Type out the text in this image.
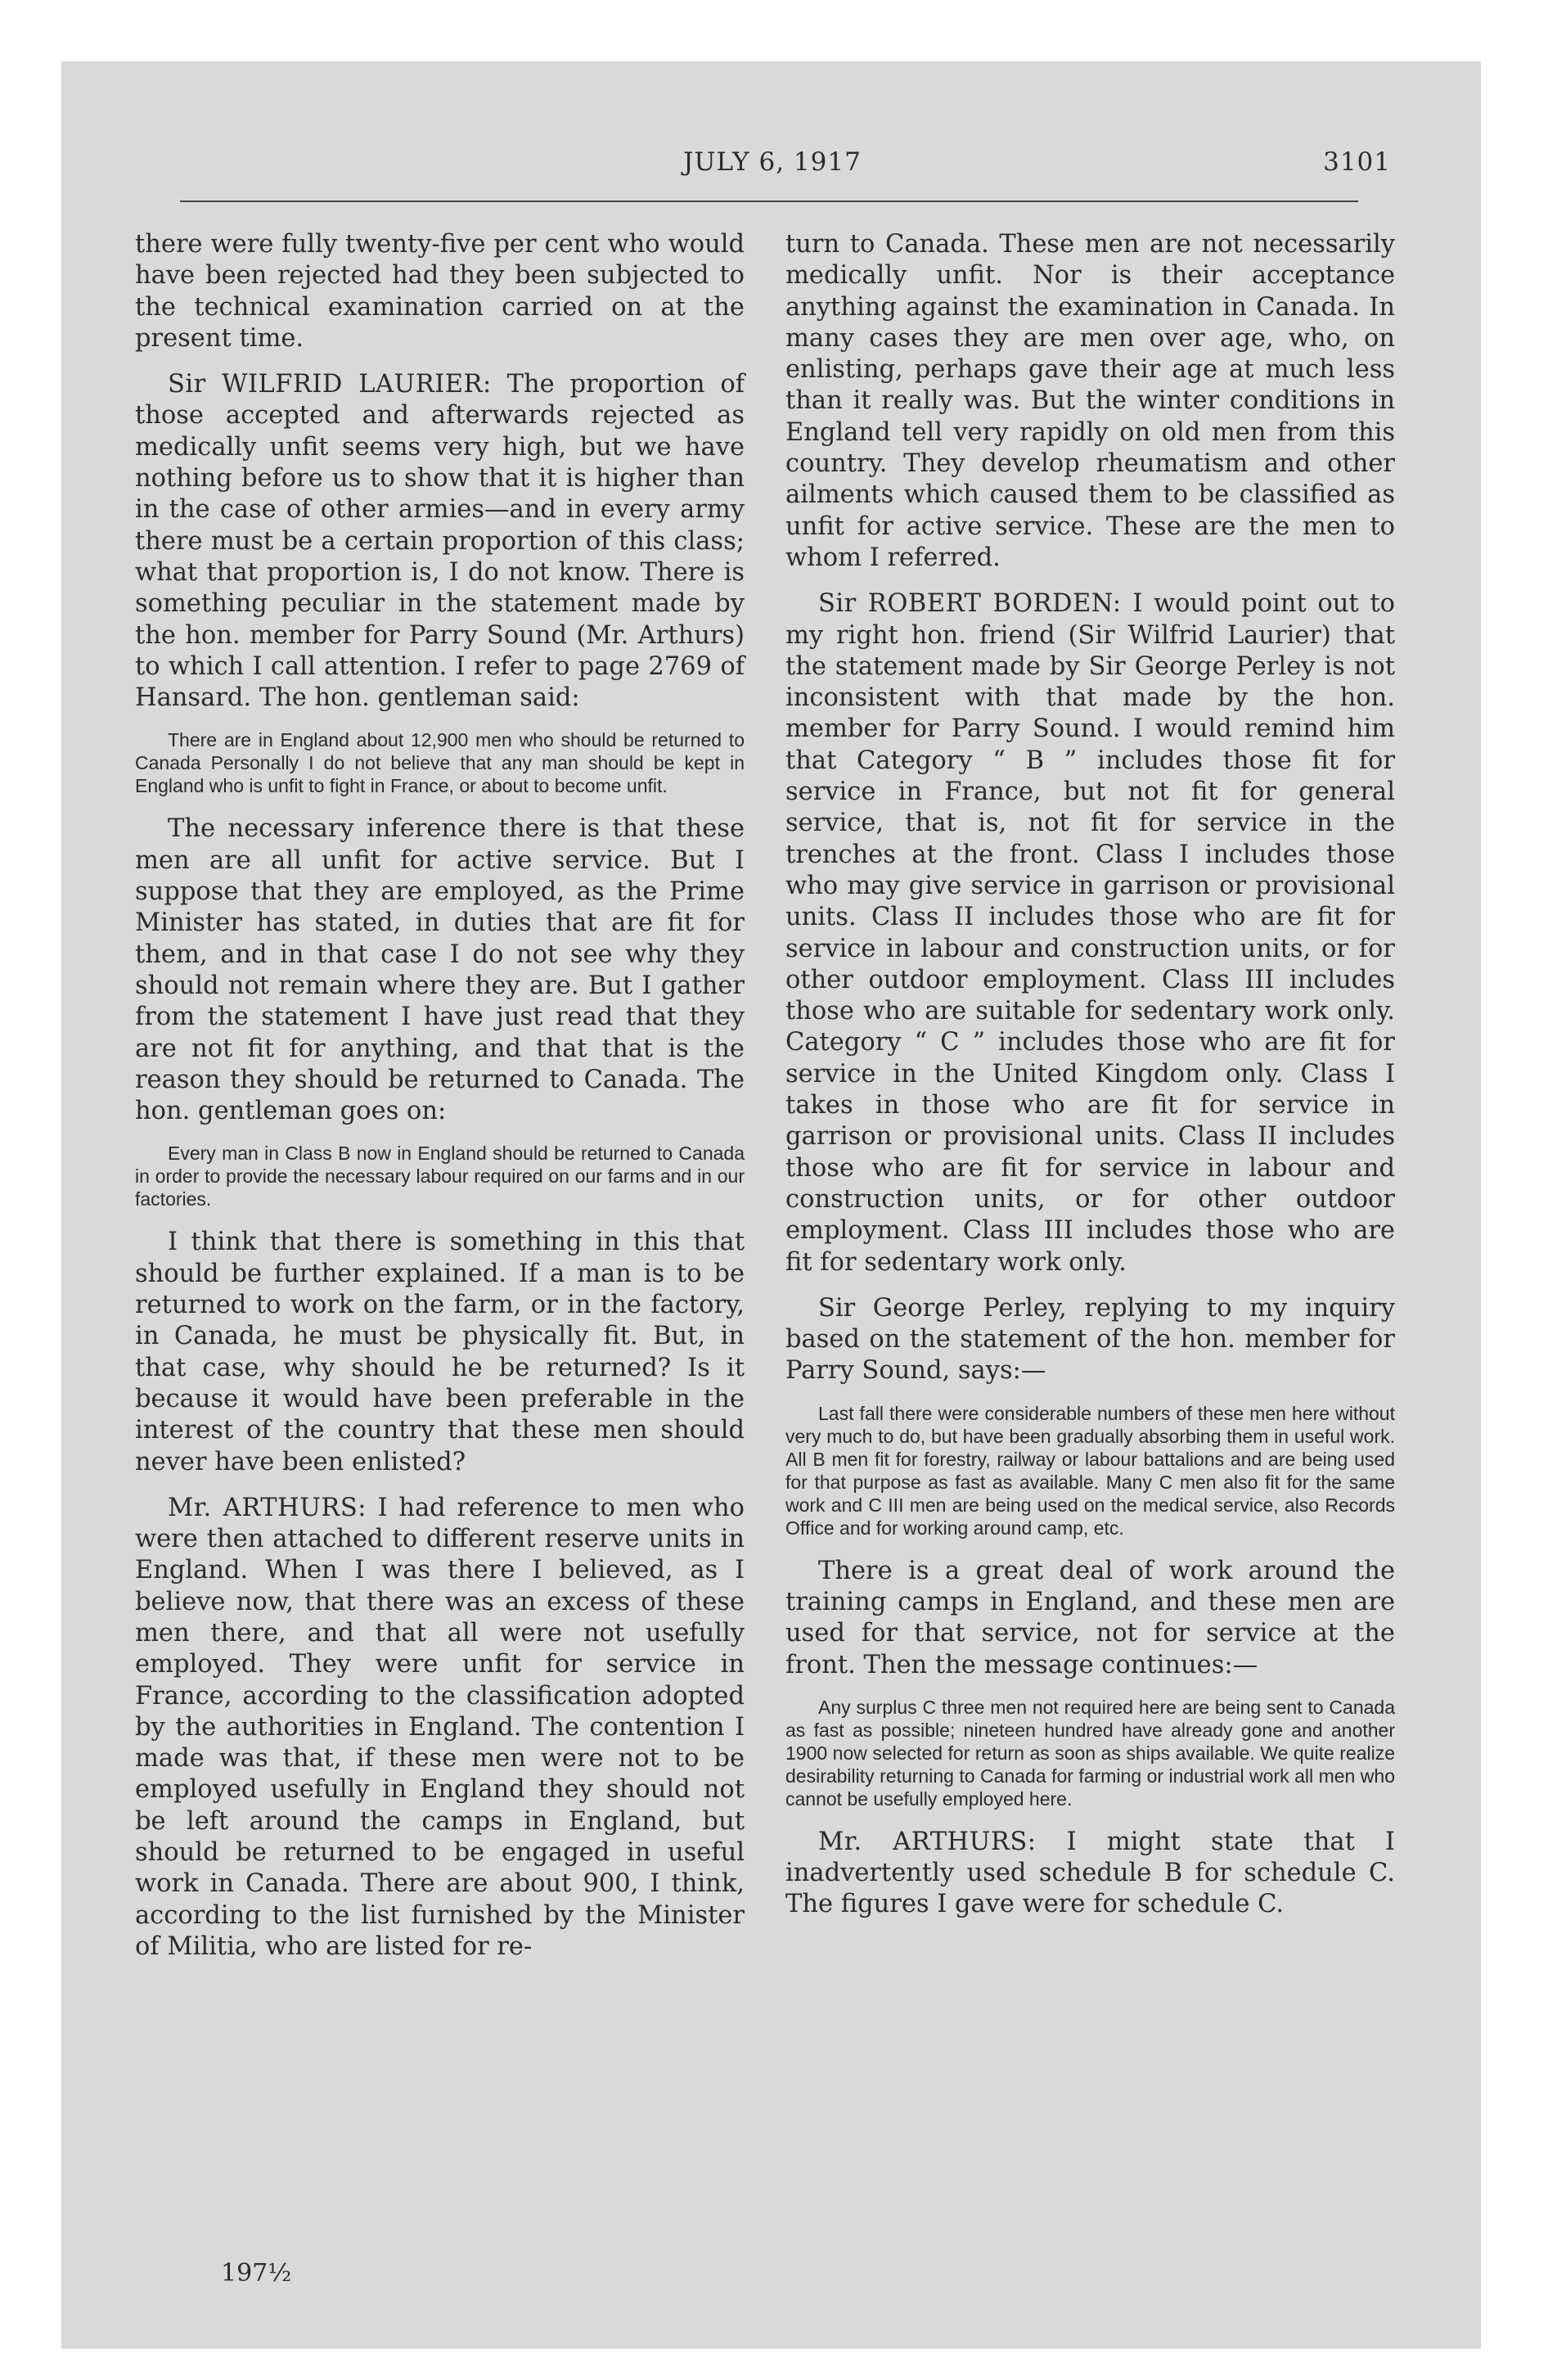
JULY 6, 1917	3101

there were fully twenty-five per cent who would have been rejected had they been subjected to the technical examination carried on at the present time.

Sir WILFRID LAURIER: The proportion of those accepted and afterwards rejected as medically unfit seems very high, but we have nothing before us to show that it is higher than in the case of other armies—and in every army there must be a certain proportion of this class; what that proportion is, I do not know. There is something peculiar in the statement made by the hon. member for Parry Sound (Mr. Arthurs) to which I call attention. I refer to page 2769 of Hansard. The hon. gentleman said:

There are in England about 12,900 men who should be returned to Canada Personally I do not believe that any man should be kept in England who is unfit to fight in France, or about to become unfit.

The necessary inference there is that these men are all unfit for active service. But I suppose that they are employed, as the Prime Minister has stated, in duties that are fit for them, and in that case I do not see why they should not remain where they are. But I gather from the statement I have just read that they are not fit for anything, and that that is the reason they should be returned to Canada. The hon. gentleman goes on:

Every man in Class B now in England should be returned to Canada in order to provide the necessary labour required on our farms and in our factories.

I think that there is something in this that should be further explained. If a man is to be returned to work on the farm, or in the factory, in Canada, he must be physically fit. But, in that case, why should he be returned? Is it because it would have been preferable in the interest of the country that these men should never have been enlisted?

Mr. ARTHURS: I had reference to men who were then attached to different reserve units in England. When I was there I believed, as I believe now, that there was an excess of these men there, and that all were not usefully employed. They were unfit for service in France, according to the classification adopted by the authorities in England. The contention I made was that, if these men were not to be employed usefully in England they should not be left around the camps in England, but should be returned to be engaged in useful work in Canada. There are about 900, I think, according to the list furnished by the Minister of Militia, who are listed for re-

turn to Canada. These men are not necessarily medically unfit. Nor is their acceptance anything against the examination in Canada. In many cases they are men over age, who, on enlisting, perhaps gave their age at much less than it really was. But the winter conditions in England tell very rapidly on old men from this country. They develop rheumatism and other ailments which caused them to be classified as unfit for active service. These are the men to whom I referred.

Sir ROBERT BORDEN: I would point out to my right hon. friend (Sir Wilfrid Laurier) that the statement made by Sir George Perley is not inconsistent with that made by the hon. member for Parry Sound. I would remind him that Category “ B ” includes those fit for service in France, but not fit for general service, that is, not fit for service in the trenches at the front. Class I includes those who may give service in garrison or provisional units. Class II includes those who are fit for service in labour and construction units, or for other outdoor employment. Class III includes those who are suitable for sedentary work only. Category “ C ” includes those who are fit for service in the United Kingdom only. Class I takes in those who are fit for service in garrison or provisional units. Class II includes those who are fit for service in labour and construction units, or for other outdoor employment. Class III includes those who are fit for sedentary work only.

Sir George Perley, replying to my inquiry based on the statement of the hon. member for Parry Sound, says:—

Last fall there were considerable numbers of these men here without very much to do, but have been gradually absorbing them in useful work. All B men fit for forestry, railway or labour battalions and are being used for that purpose as fast as available. Many C men also fit for the same work and C III men are being used on the medical service, also Records Office and for working around camp, etc.

There is a great deal of work around the training camps in England, and these men are used for that service, not for service at the front. Then the message continues:—

Any surplus C three men not required here are being sent to Canada as fast as possible; nineteen hundred have already gone and another 1900 now selected for return as soon as ships available. We quite realize desirability returning to Canada for farming or industrial work all men who cannot be usefully employed here.

Mr. ARTHURS: I might state that I inadvertently used schedule B for schedule C. The figures I gave were for schedule C.

197½
